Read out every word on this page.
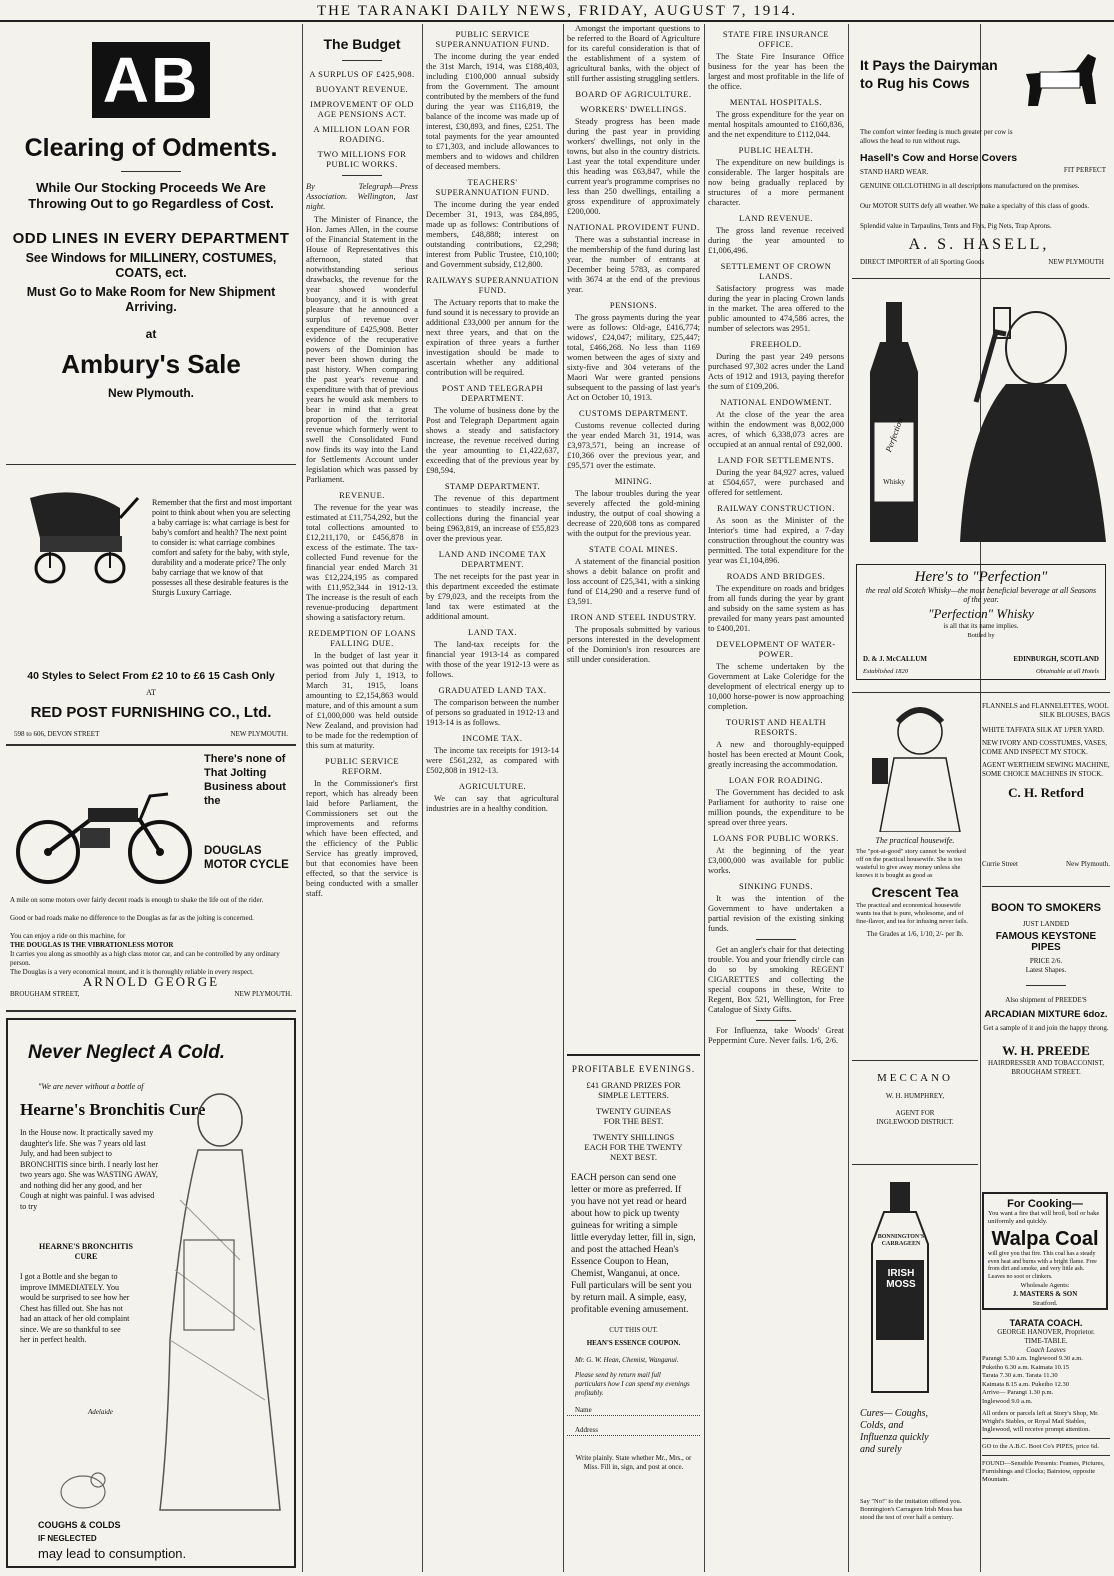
THE TARANAKI DAILY NEWS, FRIDAY, AUGUST 7, 1914.
AB
Clearing of Odments.
While Our Stocking Proceeds We Are Throwing Out to go Regardless of Cost.
ODD LINES IN EVERY DEPARTMENT
See Windows for MILLINERY, COSTUMES, COATS, ect.
Must Go to Make Room for New Shipment Arriving.
at
Ambury's Sale
New Plymouth.
Remember that the first and most important point to think about when you are selecting a baby carriage is: what carriage is best for baby's comfort and health? The next point to consider is: what carriage combines comfort and safety for the baby, with style, durability and a moderate price? The only baby carriage that we know of that possesses all these desirable features is the Sturgis Luxury Carriage.
40 Styles to Select From £2 10 to £6 15 Cash Only
AT
RED POST FURNISHING CO., Ltd.
598 to 606, DEVON STREET	NEW PLYMOUTH.
There's none of That Jolting Business about the
DOUGLAS MOTOR CYCLE
A mile on some motors over fairly decent roads is enough to shake the life out of the rider.
Good or bad roads make no difference to the Douglas as far as the jolting is concerned.
You can enjoy a ride on this machine, for
THE DOUGLAS IS THE VIBRATIONLESS MOTOR
It carries you along as smoothly as a high class motor car, and can be controlled by any ordinary person.
The Douglas is a very economical mount, and it is thoroughly reliable in every respect.
ARNOLD GEORGE
BROUGHAM STREET,	NEW PLYMOUTH.
Never Neglect A Cold.
"We are never without a bottle of
Hearne's Bronchitis Cure
In the House now. It practically saved my daughter's life. She was 7 years old last July, and had been subject to BRONCHITIS since birth. I nearly lost her two years ago. She was WASTING AWAY, and nothing did her any good, and her Cough at night was painful. I was advised to try
HEARNE'S BRONCHITIS CURE
I got a Bottle and she began to improve IMMEDIATELY. You would be surprised to see how her Chest has filled out. She has not had an attack of her old complaint since. We are so thankful to see her in perfect health.
Adelaide
COUGHS & COLDS
IF NEGLECTED
may lead to consumption.
The Budget
A SURPLUS OF £425,908.
BUOYANT REVENUE.
IMPROVEMENT OF OLD AGE PENSIONS ACT.
A MILLION LOAN FOR ROADING.
TWO MILLIONS FOR PUBLIC WORKS.
By Telegraph—Press Association. Wellington, last night.
The Minister of Finance, the Hon. James Allen, in the course of the Financial Statement in the House of Representatives this afternoon, stated that notwithstanding serious drawbacks, the revenue for the year showed wonderful buoyancy, and it is with great pleasure that he announced a surplus of revenue over expenditure of £425,908. Better evidence of the recuperative powers of the Dominion has never been shown during the past history. When comparing the past year's revenue and expenditure with that of previous years he would ask members to bear in mind that a great proportion of the territorial revenue which formerly went to swell the Consolidated Fund now finds its way into the Land for Settlements Account under legislation which was passed by Parliament.
REVENUE.
The revenue for the year was estimated at £11,754,292, but the total collections amounted to £12,211,170, or £456,878 in excess of the estimate. The tax-collected Fund revenue for the financial year ended March 31 was £12,224,195 as compared with £11,952,344 in 1912-13. The increase is the result of each revenue-producing department showing a satisfactory return.
REDEMPTION OF LOANS FALLING DUE.
In the budget of last year it was pointed out that during the period from July 1, 1913, to March 31, 1915, loans amounting to £2,154,863 would mature, and of this amount a sum of £1,000,000 was held outside New Zealand, and provision had to be made for the redemption of this sum at maturity.
PUBLIC SERVICE REFORM.
In the Commissioner's first report, which has already been laid before Parliament, the Commissioners set out the improvements and reforms which have been effected, and the efficiency of the Public Service has greatly improved, but that economies have been effected, so that the service is being conducted with a smaller staff.
PUBLIC SERVICE SUPERANNUATION FUND.
The income during the year ended the 31st March, 1914, was £188,403, including £100,000 annual subsidy from the Government. The amount contributed by the members of the fund during the year was £116,819, the balance of the income was made up of interest, £30,893, and fines, £251. The total payments for the year amounted to £71,303, and include allowances to members and to widows and children of deceased members.
TEACHERS' SUPERANNUATION FUND.
The income during the year ended December 31, 1913, was £84,895, made up as follows: Contributions of members, £48,888; interest on outstanding contributions, £2,298; interest from Public Trustee, £10,100; and Government subsidy, £12,800.
RAILWAYS SUPERANNUATION FUND.
The Actuary reports that to make the fund sound it is necessary to provide an additional £33,000 per annum for the next three years, and that on the expiration of three years a further investigation should be made to ascertain whether any additional contribution will be required.
POST AND TELEGRAPH DEPARTMENT.
The volume of business done by the Post and Telegraph Department again shows a steady and satisfactory increase, the revenue received during the year amounting to £1,422,637, exceeding that of the previous year by £98,594.
STAMP DEPARTMENT.
The revenue of this department continues to steadily increase, the collections during the financial year being £963,819, an increase of £55,823 over the previous year.
LAND AND INCOME TAX DEPARTMENT.
The net receipts for the past year in this department exceeded the estimate by £79,023, and the receipts from the land tax were estimated at the additional amount.
LAND TAX.
The land-tax receipts for the financial year 1913-14 as compared with those of the year 1912-13 were as follows.
GRADUATED LAND TAX.
The comparison between the number of persons so graduated in 1912-13 and 1913-14 is as follows.
INCOME TAX.
The income tax receipts for 1913-14 were £561,232, as compared with £502,808 in 1912-13.
AGRICULTURE.
We can say that agricultural industries are in a healthy condition.
Amongst the important questions to be referred to the Board of Agriculture for its careful consideration is that of the establishment of a system of agricultural banks, with the object of still further assisting struggling settlers.
BOARD OF AGRICULTURE.
WORKERS' DWELLINGS.
Steady progress has been made during the past year in providing workers' dwellings, not only in the towns, but also in the country districts. Last year the total expenditure under this heading was £63,847, while the current year's programme comprises no less than 250 dwellings, entailing a gross expenditure of approximately £200,000.
NATIONAL PROVIDENT FUND.
There was a substantial increase in the membership of the fund during last year, the number of entrants at December being 5783, as compared with 3674 at the end of the previous year.
PENSIONS.
The gross payments during the year were as follows: Old-age, £416,774; widows', £24,047; military, £25,447; total, £466,268. No less than 1169 women between the ages of sixty and sixty-five and 304 veterans of the Maori War were granted pensions subsequent to the passing of last year's Act on October 10, 1913.
CUSTOMS DEPARTMENT.
Customs revenue collected during the year ended March 31, 1914, was £3,973,571, being an increase of £10,366 over the previous year, and £95,571 over the estimate.
MINING.
The labour troubles during the year severely affected the gold-mining industry, the output of coal showing a decrease of 220,608 tons as compared with the output for the previous year.
STATE COAL MINES.
A statement of the financial position shows a debit balance on profit and loss account of £25,341, with a sinking fund of £14,290 and a reserve fund of £3,591.
IRON AND STEEL INDUSTRY.
The proposals submitted by various persons interested in the development of the Dominion's iron resources are still under consideration.
PROFITABLE EVENINGS.
£41 GRAND PRIZES FOR SIMPLE LETTERS.
TWENTY GUINEAS FOR THE BEST.
TWENTY SHILLINGS EACH FOR THE TWENTY NEXT BEST.
EACH person can send one letter or more as preferred. If you have not yet read or heard about how to pick up twenty guineas for writing a simple little everyday letter, fill in, sign, and post the attached Hean's Essence Coupon to Hean, Chemist, Wanganui, at once. Full particulars will be sent you by return mail. A simple, easy, profitable evening amusement.
CUT THIS OUT.
HEAN'S ESSENCE COUPON.
Mr. G. W. Hean, Chemist, Wanganui.
Please send by return mail full particulars how I can spend my evenings profitably.
Name
Address
Write plainly. State whether Mr., Mrs., or Miss. Fill in, sign, and post at once.
STATE FIRE INSURANCE OFFICE.
The State Fire Insurance Office business for the year has been the largest and most profitable in the life of the office.
MENTAL HOSPITALS.
The gross expenditure for the year on mental hospitals amounted to £160,836, and the net expenditure to £112,044.
PUBLIC HEALTH.
The expenditure on new buildings is considerable. The larger hospitals are now being gradually replaced by structures of a more permanent character.
LAND REVENUE.
The gross land revenue received during the year amounted to £1,006,496.
SETTLEMENT OF CROWN LANDS.
Satisfactory progress was made during the year in placing Crown lands in the market. The area offered to the public amounted to 474,586 acres, the number of selectors was 2951.
FREEHOLD.
During the past year 249 persons purchased 97,302 acres under the Land Acts of 1912 and 1913, paying therefor the sum of £109,206.
NATIONAL ENDOWMENT.
At the close of the year the area within the endowment was 8,002,000 acres, of which 6,338,073 acres are occupied at an annual rental of £92,000.
LAND FOR SETTLEMENTS.
During the year 84,927 acres, valued at £504,657, were purchased and offered for settlement.
RAILWAY CONSTRUCTION.
As soon as the Minister of the Interior's time had expired, a 7-day construction throughout the country was permitted. The total expenditure for the year was £1,104,896.
ROADS AND BRIDGES.
The expenditure on roads and bridges from all funds during the year by grant and subsidy on the same system as has prevailed for many years past amounted to £400,201.
DEVELOPMENT OF WATER-POWER.
The scheme undertaken by the Government at Lake Coleridge for the development of electrical energy up to 10,000 horse-power is now approaching completion.
TOURIST AND HEALTH RESORTS.
A new and thoroughly-equipped hostel has been erected at Mount Cook, greatly increasing the accommodation.
LOAN FOR ROADING.
The Government has decided to ask Parliament for authority to raise one million pounds, the expenditure to be spread over three years.
LOANS FOR PUBLIC WORKS.
At the beginning of the year £3,000,000 was available for public works.
SINKING FUNDS.
It was the intention of the Government to have undertaken a partial revision of the existing sinking funds.
Get an angler's chair for that detecting trouble. You and your friendly circle can do so by smoking REGENT CIGARETTES and collecting the special coupons in these, Write to Regent, Box 521, Wellington, for Free Catalogue of Sixty Gifts.
For Influenza, take Woods' Great Peppermint Cure. Never fails. 1/6, 2/6.
It Pays the Dairyman to Rug his Cows
The comfort winter feeding is much greater per cow is allows the head to run without rugs.
Hasell's Cow and Horse Covers
STAND HARD WEAR.	FIT PERFECT
GENUINE OILCLOTHING in all descriptions manufactured on the premises.
Our MOTOR SUITS defy all weather. We make a specialty of this class of goods.
Splendid value in Tarpaulins, Tents and Flys, Pig Nets, Trap Aprons.
A. S. HASELL,
DIRECT IMPORTER of all Sporting Goods	NEW PLYMOUTH
Perfection
Whisky
Here's to "Perfection"
the real old Scotch Whisky—the most beneficial beverage at all Seasons of the year.
"Perfection" Whisky
is all that its name implies.
Bottled by
D. & J. McCALLUM	EDINBURGH, SCOTLAND
Established 1820	Obtainable at all Hotels
The practical housewife.
The "pot-at-good" story cannot be worked off on the practical housewife. She is too wasteful to give away money unless she knows it is bought as good as
Crescent Tea
The practical and economical housewife wants tea that is pure, wholesome, and of fine-flavor, and tea for infusing never fails.
The Grades at 1/6, 1/10, 2/- per lb.
FLANNELS and FLANNELETTES, WOOL
SILK BLOUSES, BAGS
WHITE TAFFATA SILK AT 1/PER YARD.
NEW IVORY AND COSSTUMES, VASES, COME AND INSPECT MY STOCK.
AGENT WERTHEIM SEWING MACHINE, SOME CHOICE MACHINES IN STOCK.
C. H. Retford
Currie Street	New Plymouth.
BOON TO SMOKERS
JUST LANDED
FAMOUS KEYSTONE PIPES
PRICE 2/6.
Latest Shapes.
Also shipment of PREEDE'S
ARCADIAN MIXTURE 6doz.
Get a sample of it and join the happy throng.
W. H. PREEDE
HAIRDRESSER AND TOBACCONIST,
BROUGHAM STREET.
MECCANO
W. H. HUMPHREY,
AGENT FOR
INGLEWOOD DISTRICT.
BONNINGTON'S CARRAGEEN
IRISH MOSS
Cures— Coughs, Colds, and Influenza quickly and surely
Say "No!" to the imitation offered you. Bonnington's Carrageen Irish Moss has stood the test of over half a century.
For Cooking—
You want a fire that will broil, boil or bake uniformly and quickly.
Walpa Coal
will give you that fire. This coal has a steady even heat and burns with a bright flame. Free from dirt and smoke, and very little ash. Leaves no soot or clinkers.
Wholesale Agents:
J. MASTERS & SON
Stratford.
TARATA COACH.
GEORGE HANOVER, Proprietor.
TIME-TABLE.
Coach Leaves
Parangi 5.30 a.m. Inglewood 9.30 a.m.
Pukeiho 6.30 a.m. Kaimata 10.15
Tarata 7.30 a.m. Tarata 11.30
Kaimata 8.15 a.m. Pukeiho 12.30
Arrive— Parangi 1.30 p.m.
Inglewood 9.0 a.m.
All orders or parcels left at Story's Shop, Mr. Wright's Stables, or Royal Mail Stables, Inglewood, will receive prompt attention.
GO to the A.B.C. Boot Co's PIPES, price 6d.
FOUND—Sensible Presents: Frames, Pictures, Furnishings and Clocks; Bairstow, opposite Mountain.
